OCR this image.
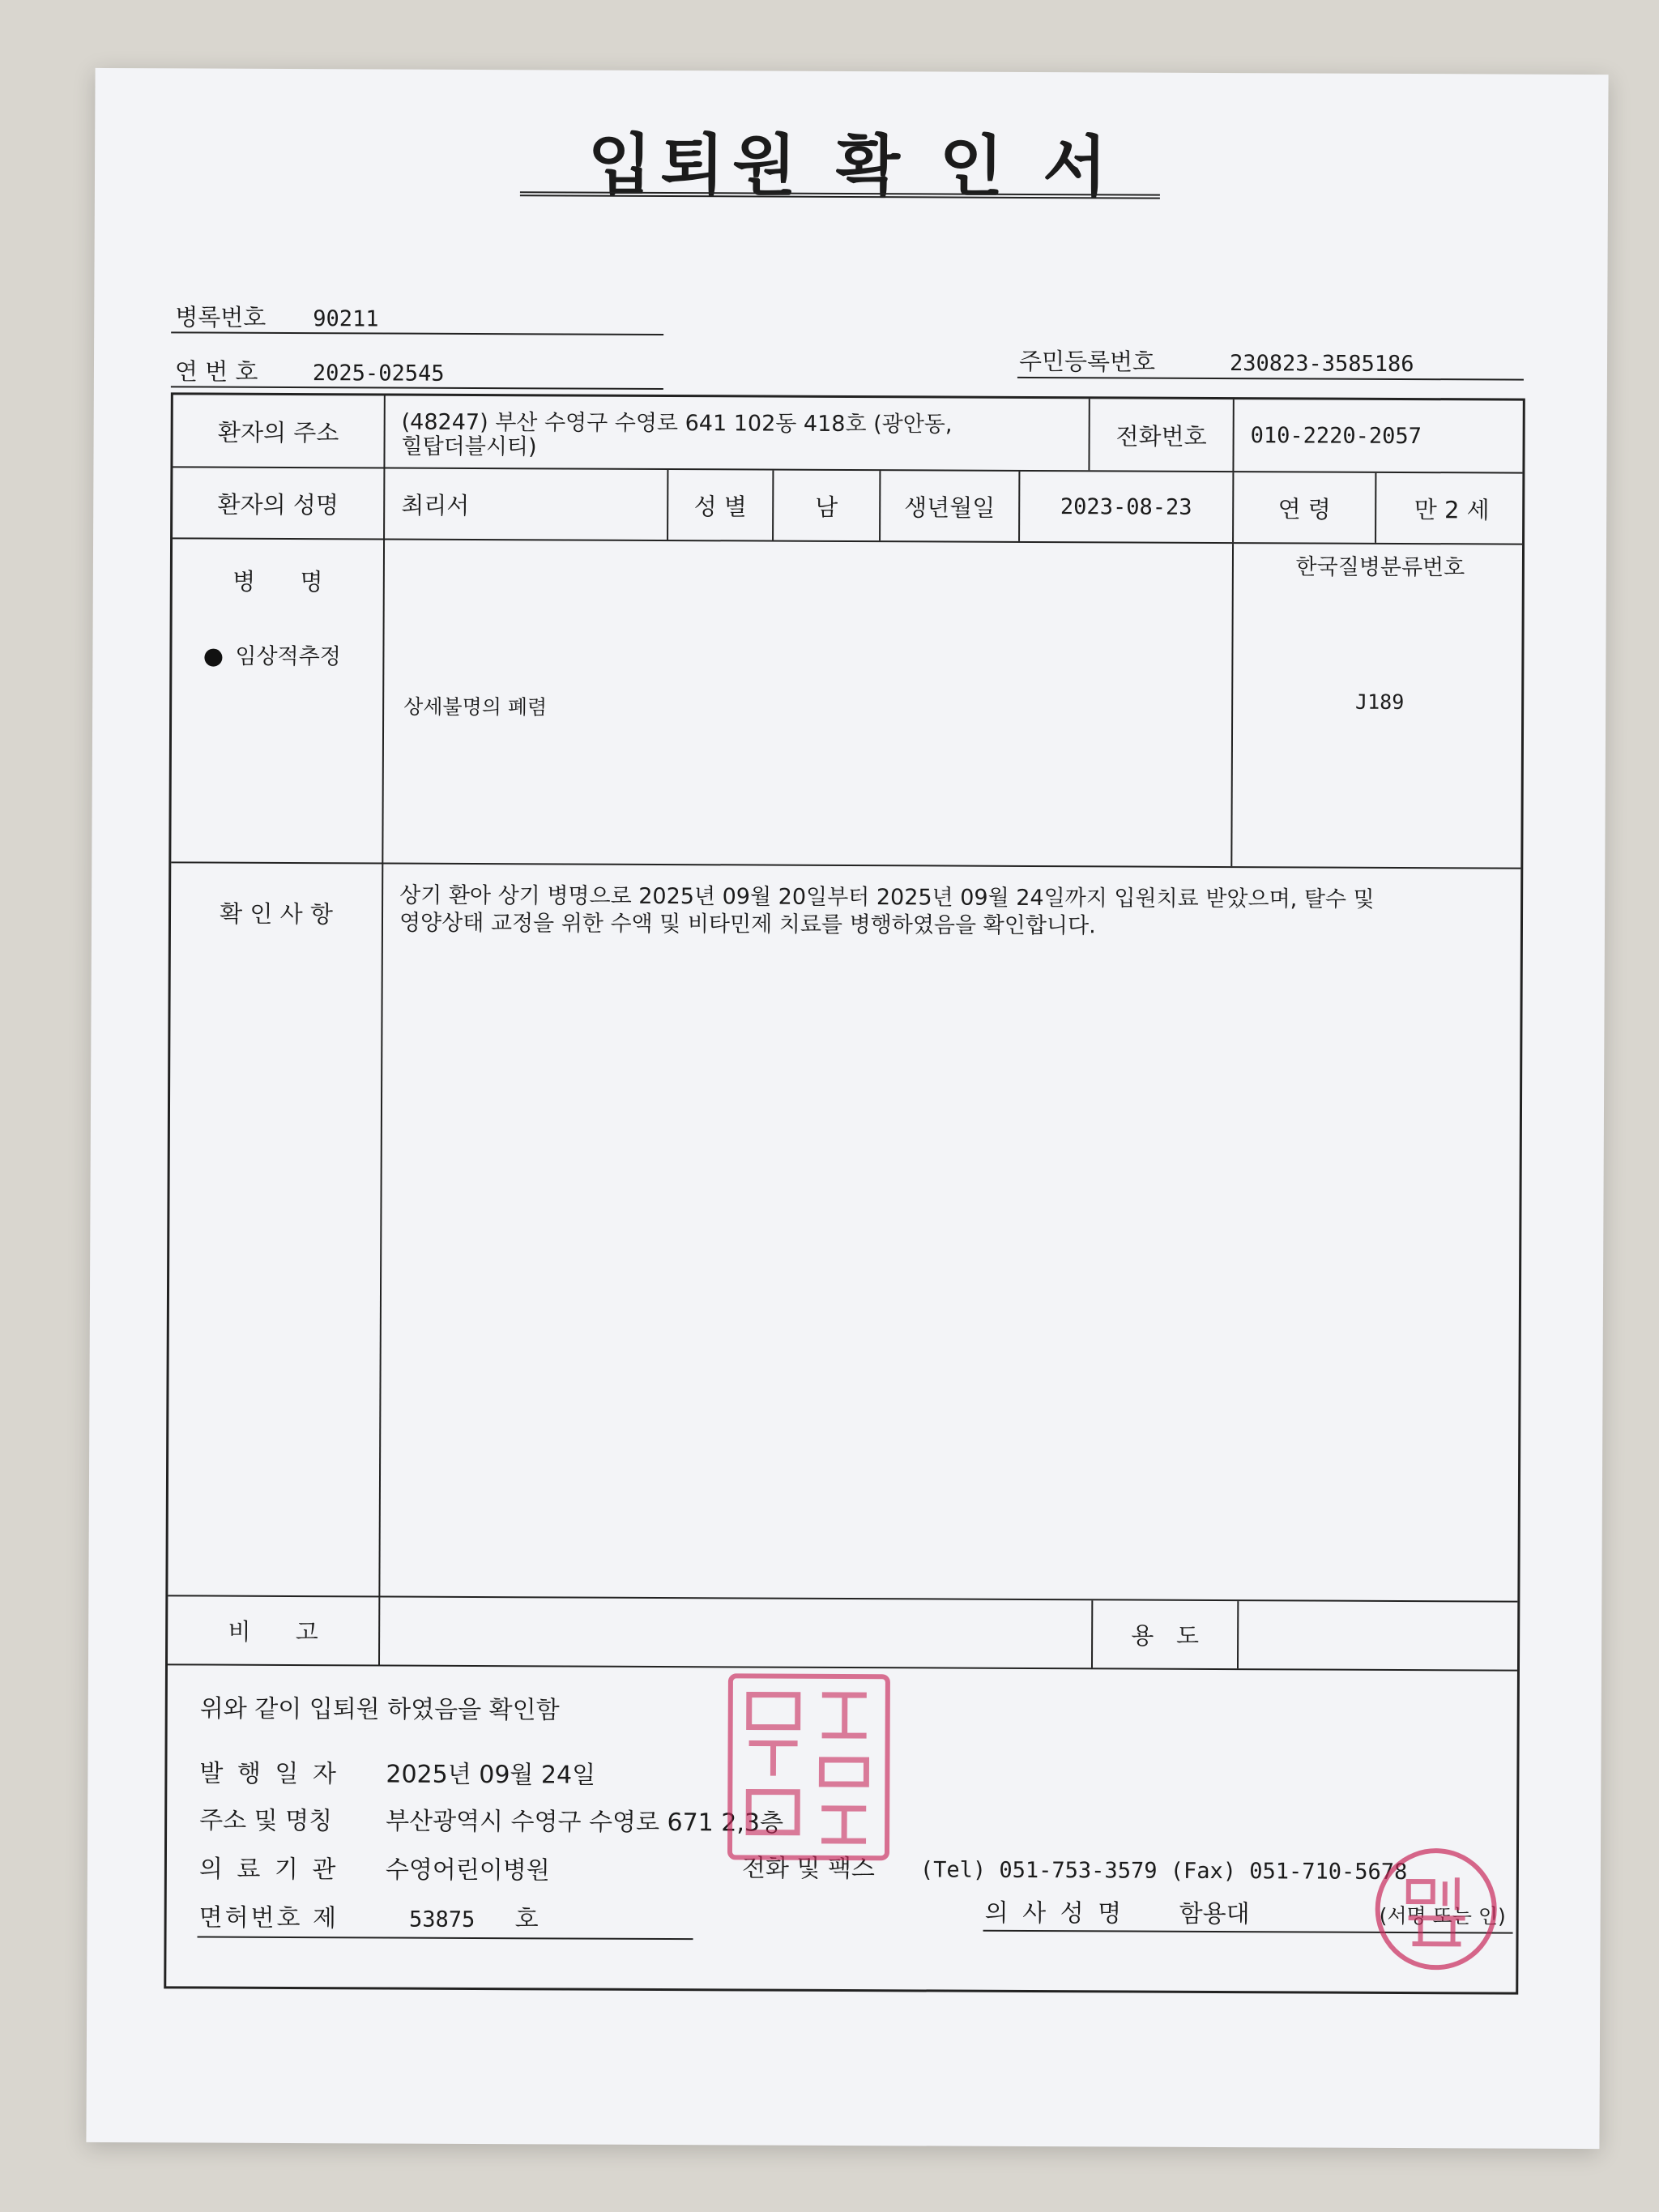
입퇴원 확 인 서
병록번호 90211
연 번 호 2025-02545	주민등록번호	230823-3585186
환자의 주소	(48247) 부산 수영구 수영로 641 102동 418호 (광안동,
힐탑더블시티)	전화번호	010-2220-2057
환자의 성명	최리서	성 별	남	생년월일	2023-08-23	연 령	만 2 세
병      명
임상적추정
상세불명의 폐렴
한국질병분류번호
J189
확 인 사 항
상기 환아 상기 병명으로 2025년 09월 20일부터 2025년 09월 24일까지 입원치료 받았으며, 탈수 및
영양상태 교정을 위한 수액 및 비타민제 치료를 병행하였음을 확인합니다.
비      고	용   도
위와 같이 입퇴원 하였음을 확인함
발 행 일 자 2025년 09월 24일
주소 및 명칭 부산광역시 수영구 수영로 671 2,3층
의 료 기 관 수영어린이병원	전화 및 팩스 (Tel) 051-753-3579 (Fax) 051-710-5678
면허번호 제	53875 호	의 사 성 명 함용대	(서명 또는 인)
